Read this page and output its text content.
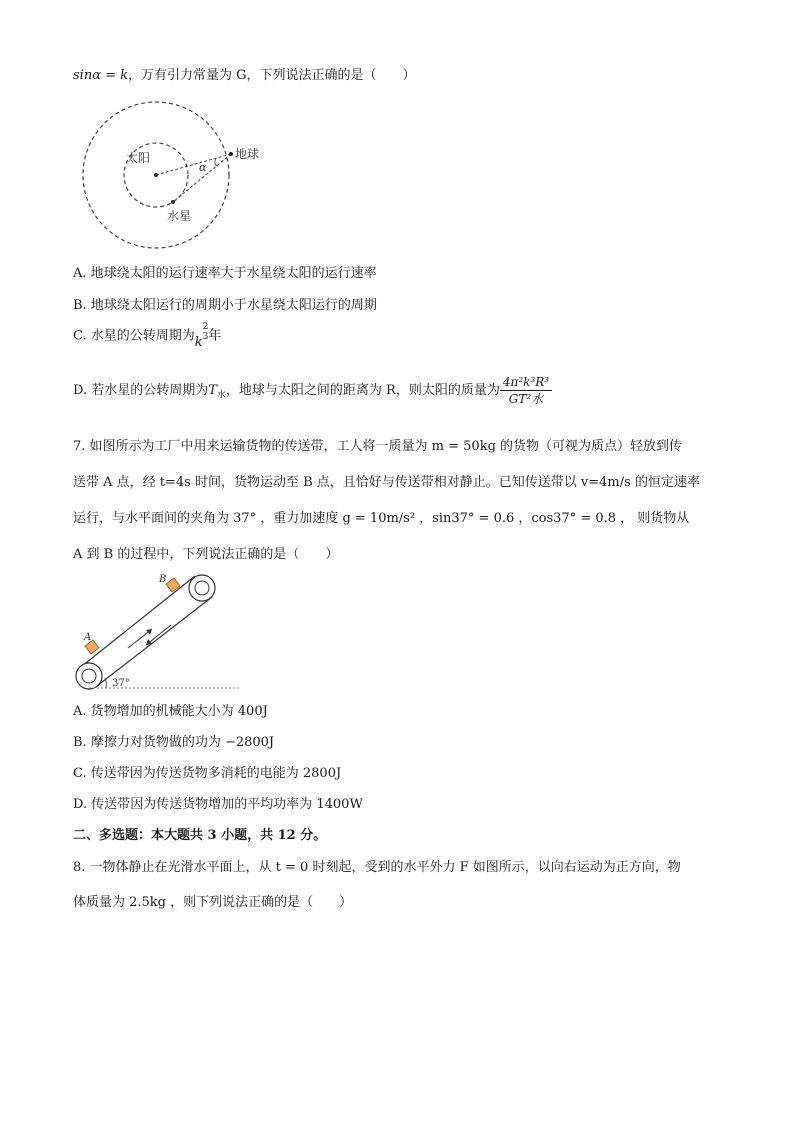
sinα = k，万有引力常量为 G，下列说法正确的是（　　）
太阳	地球
水星
α
A. 地球绕太阳的运行速率大于水星绕太阳的运行速率
B. 地球绕太阳运行的周期小于水星绕太阳运行的周期
C. 水星的公转周期为k
2
3 年
D. 若水星的公转周期为$T_水$，地球与太阳之间的距离为 R，则太阳的质量为 $\frac{\text{4π²k³R³}}{\text{GT²水}}$
7. 如图所示为工厂中用来运输货物的传送带，工人将一质量为 m = 50kg 的货物（可视为质点）轻放到传
送带 A 点，经 t=4s 时间，货物运动至 B 点，且恰好与传送带相对静止。已知传送带以 v=4m/s 的恒定速率
运行，与水平面间的夹角为 37° ，重力加速度 g = 10m/s² ，sin37° = 0.6 ，cos37° = 0.8 ， 则货物从
A 到 B 的过程中，下列说法正确的是（　　）
A
B
37°
A. 货物增加的机械能大小为 400J
B. 摩擦力对货物做的功为 −2800J
C. 传送带因为传送货物多消耗的电能为 2800J
D. 传送带因为传送货物增加的平均功率为 1400W
二、多选题：本大题共 3 小题，共 12 分。
8. 一物体静止在光滑水平面上，从 t = 0 时刻起，受到的水平外力 F 如图所示，以向右运动为正方向，物
体质量为 2.5kg ，则下列说法正确的是（　　）
